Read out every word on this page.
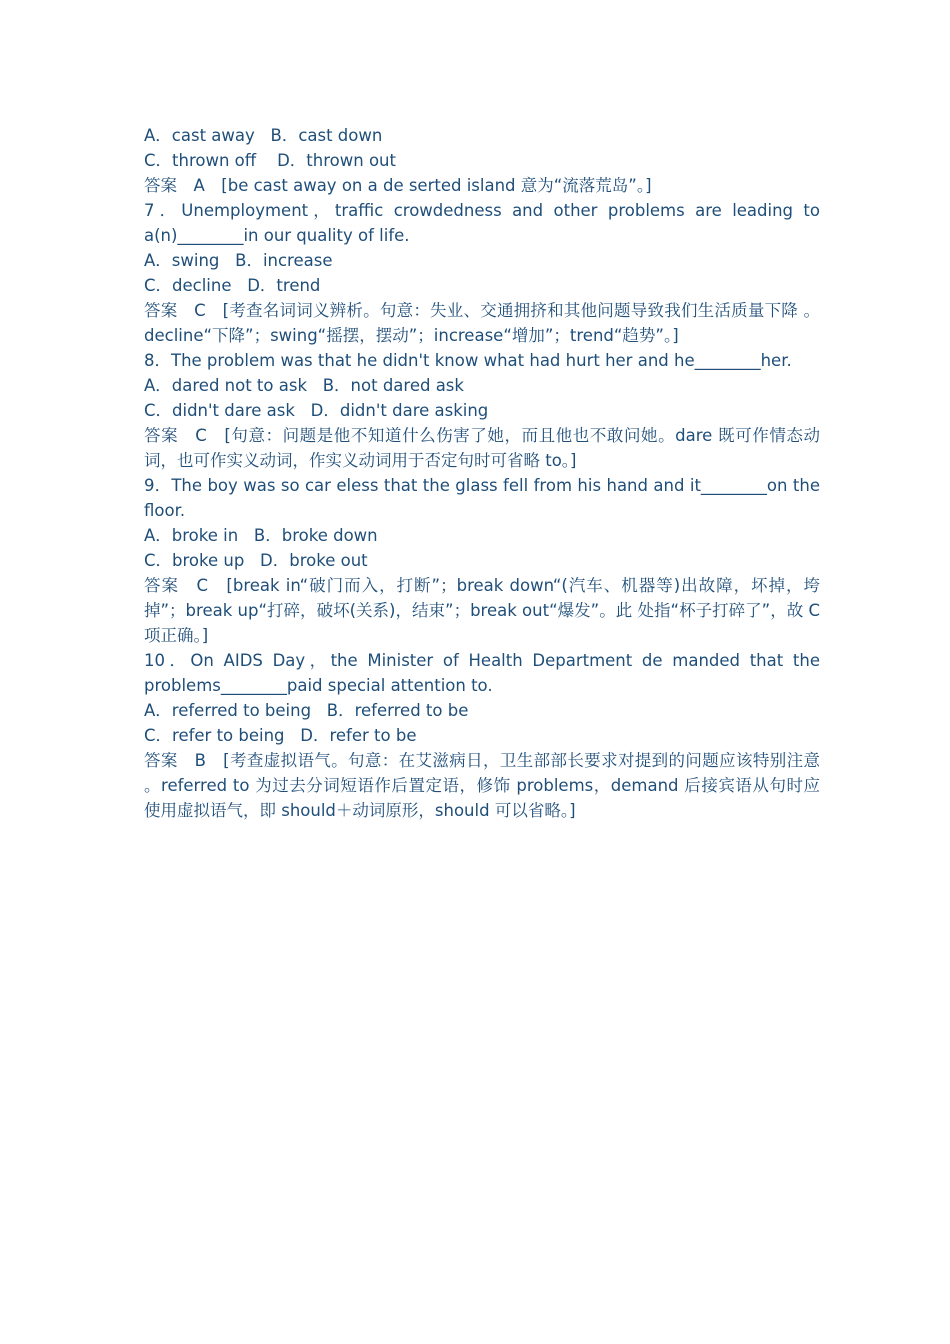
A．cast away   B．cast down
C．thrown off    D．thrown out
答案　A　[be cast away on a de serted island 意为“流落荒岛”。]
7．Unemployment，traffic crowdedness and other problems are leading to a(n)________in our quality of life.
A．swing   B．increase
C．decline   D．trend
答案　C　[考查名词词义辨析。句意：失业、交通拥挤和其他问题导致我们生活质量下降 。decline“下降”；swing“摇摆，摆动”；increase“增加”；trend“趋势”。]
8．The problem was that he didn't know what had hurt her and he________her.
A．dared not to ask   B．not dared ask
C．didn't dare ask   D．didn't dare asking
答案　C　[句意：问题是他不知道什么伤害了她，而且他也不敢问她。dare 既可作情态动词，也可作实义动词，作实义动词用于否定句时可省略 to。]
9．The boy was so car eless that the glass fell from his hand and it________on the floor.
A．broke in   B．broke down
C．broke up   D．broke out
答案　C　[break in“破门而入，打断”；break down“(汽车、机器等)出故障，坏掉，垮掉”；break up“打碎，破坏(关系)，结束”；break out“爆发”。此 处指“杯子打碎了”，故 C 项正确。]
10．On AIDS Day，the Minister of Health Department de manded that the problems________paid special attention to.
A．referred to being   B．referred to be
C．refer to being   D．refer to be
答案　B　[考查虚拟语气。句意：在艾滋病日，卫生部部长要求对提到的问题应该特别注意 。referred to 为过去分词短语作后置定语，修饰 problems，demand 后接宾语从句时应使用虚拟语气，即 should＋动词原形，should 可以省略。]
